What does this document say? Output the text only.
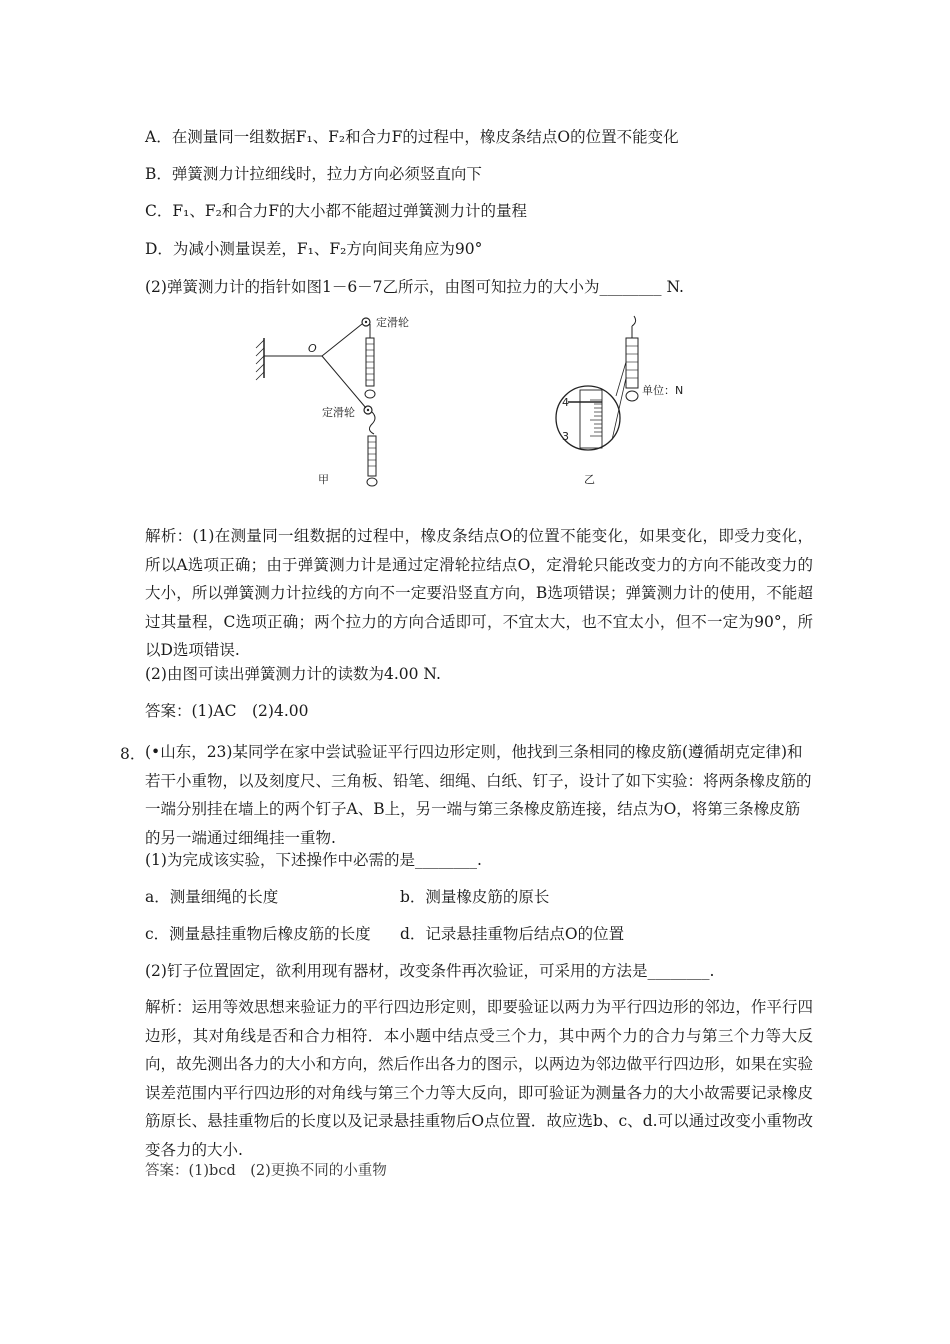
A．在测量同一组数据F₁、F₂和合力F的过程中，橡皮条结点O的位置不能变化
B．弹簧测力计拉细线时，拉力方向必须竖直向下
C．F₁、F₂和合力F的大小都不能超过弹簧测力计的量程
D．为减小测量误差，F₁、F₂方向间夹角应为90°
(2)弹簧测力计的指针如图1－6－7乙所示，由图可知拉力的大小为________ N.
O
定滑轮
定滑轮
甲
单位：N
4
3
乙
解析：(1)在测量同一组数据的过程中，橡皮条结点O的位置不能变化，如果变化，即受力变化，所以A选项正确；由于弹簧测力计是通过定滑轮拉结点O，定滑轮只能改变力的方向不能改变力的大小，所以弹簧测力计拉线的方向不一定要沿竖直方向，B选项错误；弹簧测力计的使用，不能超过其量程，C选项正确；两个拉力的方向合适即可，不宜太大，也不宜太小，但不一定为90°，所以D选项错误.
(2)由图可读出弹簧测力计的读数为4.00 N.
答案：(1)AC　(2)4.00
8． (•山东，23)某同学在家中尝试验证平行四边形定则，他找到三条相同的橡皮筋(遵循胡克定律)和若干小重物，以及刻度尺、三角板、铅笔、细绳、白纸、钉子，设计了如下实验：将两条橡皮筋的一端分别挂在墙上的两个钉子A、B上，另一端与第三条橡皮筋连接，结点为O，将第三条橡皮筋的另一端通过细绳挂一重物.
(1)为完成该实验，下述操作中必需的是________.
a．测量细绳的长度	b．测量橡皮筋的原长
c．测量悬挂重物后橡皮筋的长度 d．记录悬挂重物后结点O的位置
(2)钉子位置固定，欲利用现有器材，改变条件再次验证，可采用的方法是________.
解析：运用等效思想来验证力的平行四边形定则，即要验证以两力为平行四边形的邻边，作平行四边形，其对角线是否和合力相符．本小题中结点受三个力，其中两个力的合力与第三个力等大反向，故先测出各力的大小和方向，然后作出各力的图示，以两边为邻边做平行四边形，如果在实验误差范围内平行四边形的对角线与第三个力等大反向，即可验证为测量各力的大小故需要记录橡皮筋原长、悬挂重物后的长度以及记录悬挂重物后O点位置．故应选b、c、d.可以通过改变小重物改变各力的大小.
答案：(1)bcd　(2)更换不同的小重物
